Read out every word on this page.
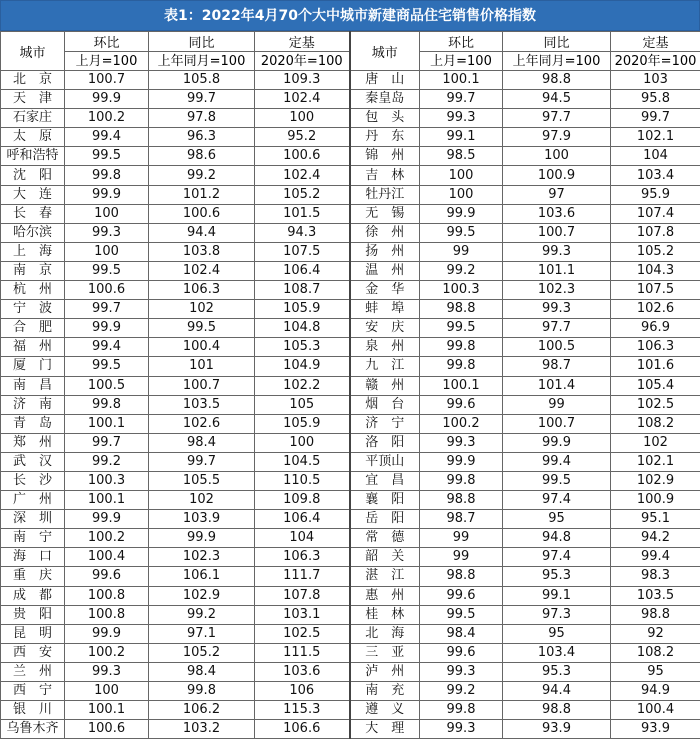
表1：2022年4月70个大中城市新建商品住宅销售价格指数
城市	环比	同比	定基	城市	环比	同比	定基
	上月=100	上年同月=100	2020年=100		上月=100	上年同月=100	2020年=100
北　京	100.7	105.8	109.3	唐　山	100.1	98.8	103
天　津	99.9	99.7	102.4	秦皇岛	99.7	94.5	95.8
石家庄	100.2	97.8	100	包　头	99.3	97.7	99.7
太　原	99.4	96.3	95.2	丹　东	99.1	97.9	102.1
呼和浩特	99.5	98.6	100.6	锦　州	98.5	100	104
沈　阳	99.8	99.2	102.4	吉　林	100	100.9	103.4
大　连	99.9	101.2	105.2	牡丹江	100	97	95.9
长　春	100	100.6	101.5	无　锡	99.9	103.6	107.4
哈尔滨	99.3	94.4	94.3	徐　州	99.5	100.7	107.8
上　海	100	103.8	107.5	扬　州	99	99.3	105.2
南　京	99.5	102.4	106.4	温　州	99.2	101.1	104.3
杭　州	100.6	106.3	108.7	金　华	100.3	102.3	107.5
宁　波	99.7	102	105.9	蚌　埠	98.8	99.3	102.6
合　肥	99.9	99.5	104.8	安　庆	99.5	97.7	96.9
福　州	99.4	100.4	105.3	泉　州	99.8	100.5	106.3
厦　门	99.5	101	104.9	九　江	99.8	98.7	101.6
南　昌	100.5	100.7	102.2	赣　州	100.1	101.4	105.4
济　南	99.8	103.5	105	烟　台	99.6	99	102.5
青　岛	100.1	102.6	105.9	济　宁	100.2	100.7	108.2
郑　州	99.7	98.4	100	洛　阳	99.3	99.9	102
武　汉	99.2	99.7	104.5	平顶山	99.9	99.4	102.1
长　沙	100.3	105.5	110.5	宜　昌	99.8	99.5	102.9
广　州	100.1	102	109.8	襄　阳	98.8	97.4	100.9
深　圳	99.9	103.9	106.4	岳　阳	98.7	95	95.1
南　宁	100.2	99.9	104	常　德	99	94.8	94.2
海　口	100.4	102.3	106.3	韶　关	99	97.4	99.4
重　庆	99.6	106.1	111.7	湛　江	98.8	95.3	98.3
成　都	100.8	102.9	107.8	惠　州	99.6	99.1	103.5
贵　阳	100.8	99.2	103.1	桂　林	99.5	97.3	98.8
昆　明	99.9	97.1	102.5	北　海	98.4	95	92
西　安	100.2	105.2	111.5	三　亚	99.6	103.4	108.2
兰　州	99.3	98.4	103.6	泸　州	99.3	95.3	95
西　宁	100	99.8	106	南　充	99.2	94.4	94.9
银　川	100.1	106.2	115.3	遵　义	99.8	98.8	100.4
乌鲁木齐	100.6	103.2	106.6	大　理	99.3	93.9	93.9
